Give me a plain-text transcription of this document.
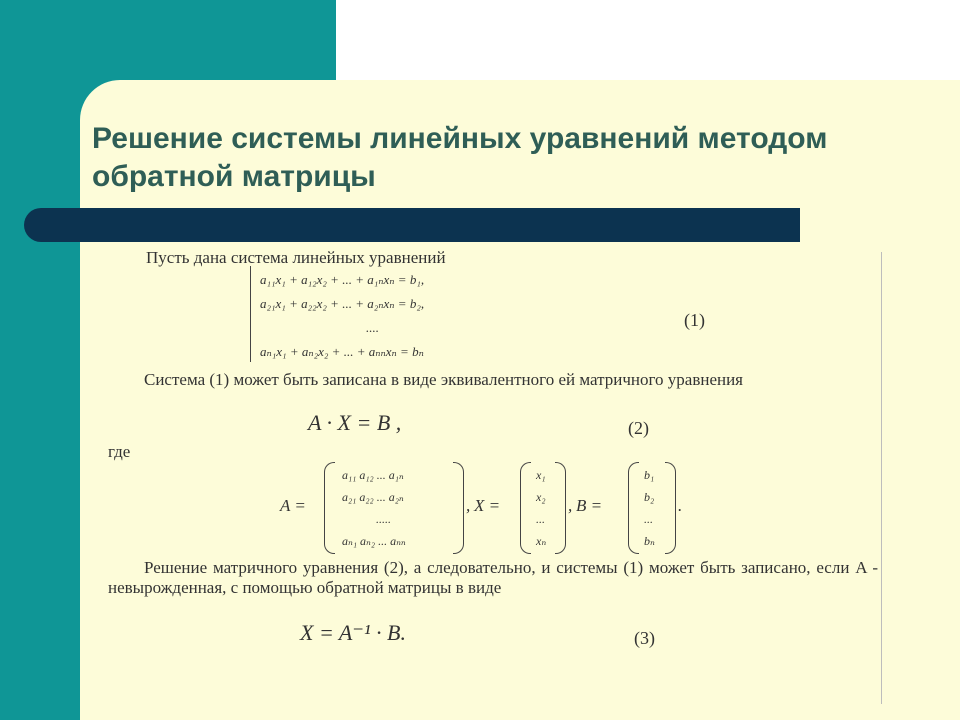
Решение системы линейных уравнений методом обратной матрицы

Пусть дана система линейных уравнений

a₁₁x₁ + a₁₂x₂ + ... + a₁ₙxₙ = b₁,
a₂₁x₁ + a₂₂x₂ + ... + a₂ₙxₙ = b₂,
....
aₙ₁x₁ + aₙ₂x₂ + ... + aₙₙxₙ = bₙ
(1)

Система (1) может быть записана в виде эквивалентного ей матричного уравнения

A · X = B ,	(2)

где

A =
a₁₁ a₁₂ ... a₁ₙ
a₂₁ a₂₂ ... a₂ₙ
.....
aₙ₁ aₙ₂ ... aₙₙ
, X =
x₁
x₂
...
xₙ
, B =
b₁
b₂
...
bₙ
.

Решение матричного уравнения (2), а следовательно, и системы (1) может быть записано, если A - невырожденная, с помощью обратной матрицы в виде

X = A⁻¹ · B.	(3)
